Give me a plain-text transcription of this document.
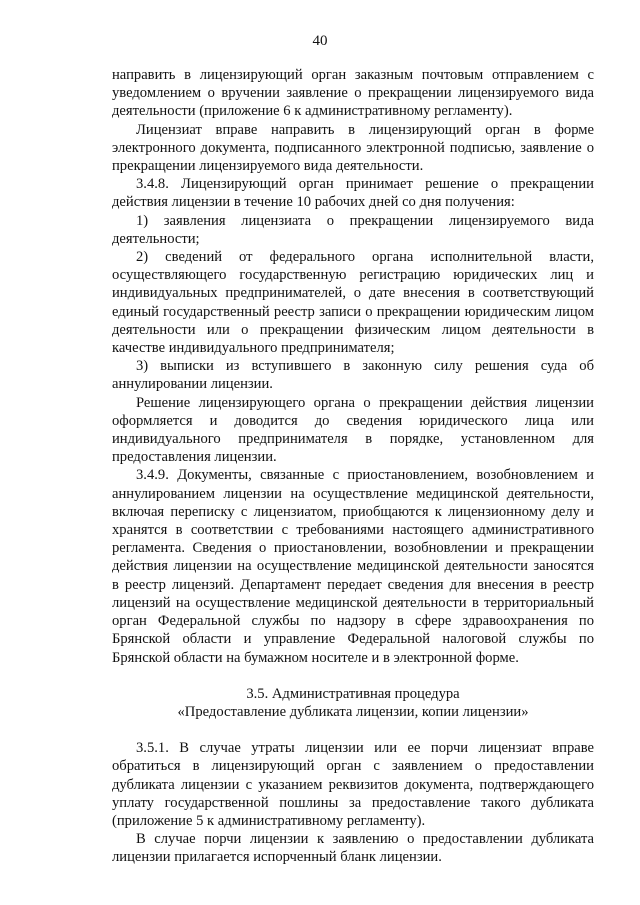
40

направить в лицензирующий орган заказным почтовым отправлением с уведомлением о вручении заявление о прекращении лицензируемого вида деятельности (приложение 6 к административному регламенту).

Лицензиат вправе направить в лицензирующий орган в форме электронного документа, подписанного электронной подписью, заявление о прекращении лицензируемого вида деятельности.

3.4.8. Лицензирующий орган принимает решение о прекращении действия лицензии в течение 10 рабочих дней со дня получения:

1) заявления лицензиата о прекращении лицензируемого вида деятельности;

2) сведений от федерального органа исполнительной власти, осуществляющего государственную регистрацию юридических лиц и индивидуальных предпринимателей, о дате внесения в соответствующий единый государственный реестр записи о прекращении юридическим лицом деятельности или о прекращении физическим лицом деятельности в качестве индивидуального предпринимателя;

3) выписки из вступившего в законную силу решения суда об аннулировании лицензии.

Решение лицензирующего органа о прекращении действия лицензии оформляется и доводится до сведения юридического лица или индивидуального предпринимателя в порядке, установленном для предоставления лицензии.

3.4.9. Документы, связанные с приостановлением, возобновлением и аннулированием лицензии на осуществление медицинской деятельности, включая переписку с лицензиатом, приобщаются к лицензионному делу и хранятся в соответствии с требованиями настоящего административного регламента. Сведения о приостановлении, возобновлении и прекращении действия лицензии на осуществление медицинской деятельности заносятся в реестр лицензий. Департамент передает сведения для внесения в реестр лицензий на осуществление медицинской деятельности в территориальный орган Федеральной службы по надзору в сфере здравоохранения по Брянской области и управление Федеральной налоговой службы по Брянской области на бумажном носителе и в электронной форме.

3.5. Административная процедура

«Предоставление дубликата лицензии, копии лицензии»

3.5.1. В случае утраты лицензии или ее порчи лицензиат вправе обратиться в лицензирующий орган с заявлением о предоставлении дубликата лицензии с указанием реквизитов документа, подтверждающего уплату государственной пошлины за предоставление такого дубликата (приложение 5 к административному регламенту).

В случае порчи лицензии к заявлению о предоставлении дубликата лицензии прилагается испорченный бланк лицензии.
